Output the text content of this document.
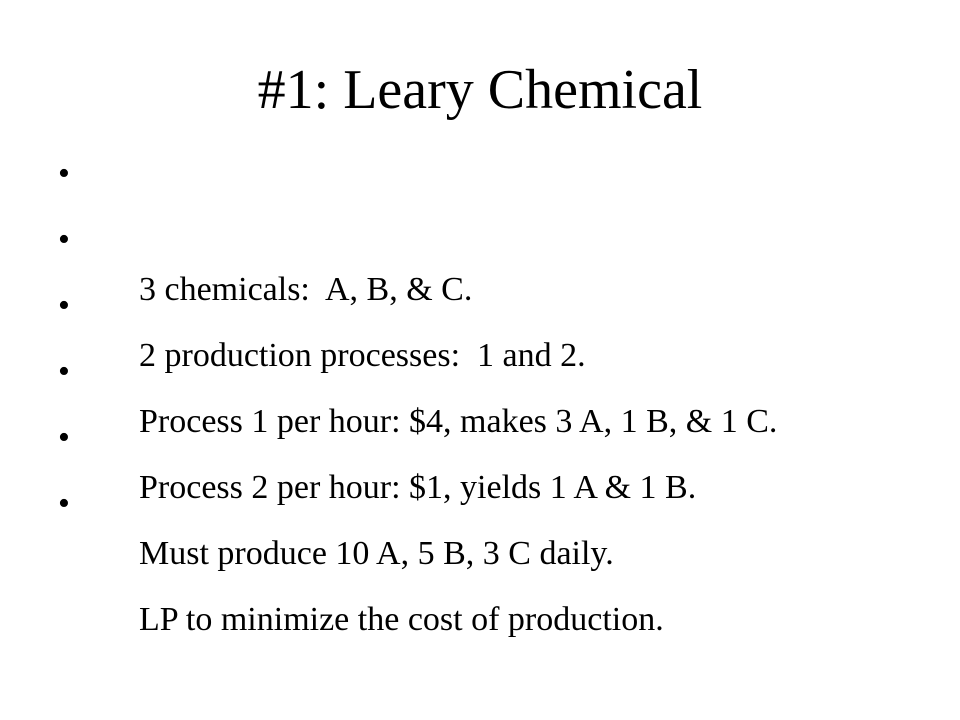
#1: Leary Chemical

•

3 chemicals:  A, B, & C.

•

2 production processes:  1 and 2.

•

Process 1 per hour: $4, makes 3 A, 1 B, & 1 C.

•

Process 2 per hour: $1, yields 1 A & 1 B.

•

Must produce 10 A, 5 B, 3 C daily.

•

LP to minimize the cost of production.
